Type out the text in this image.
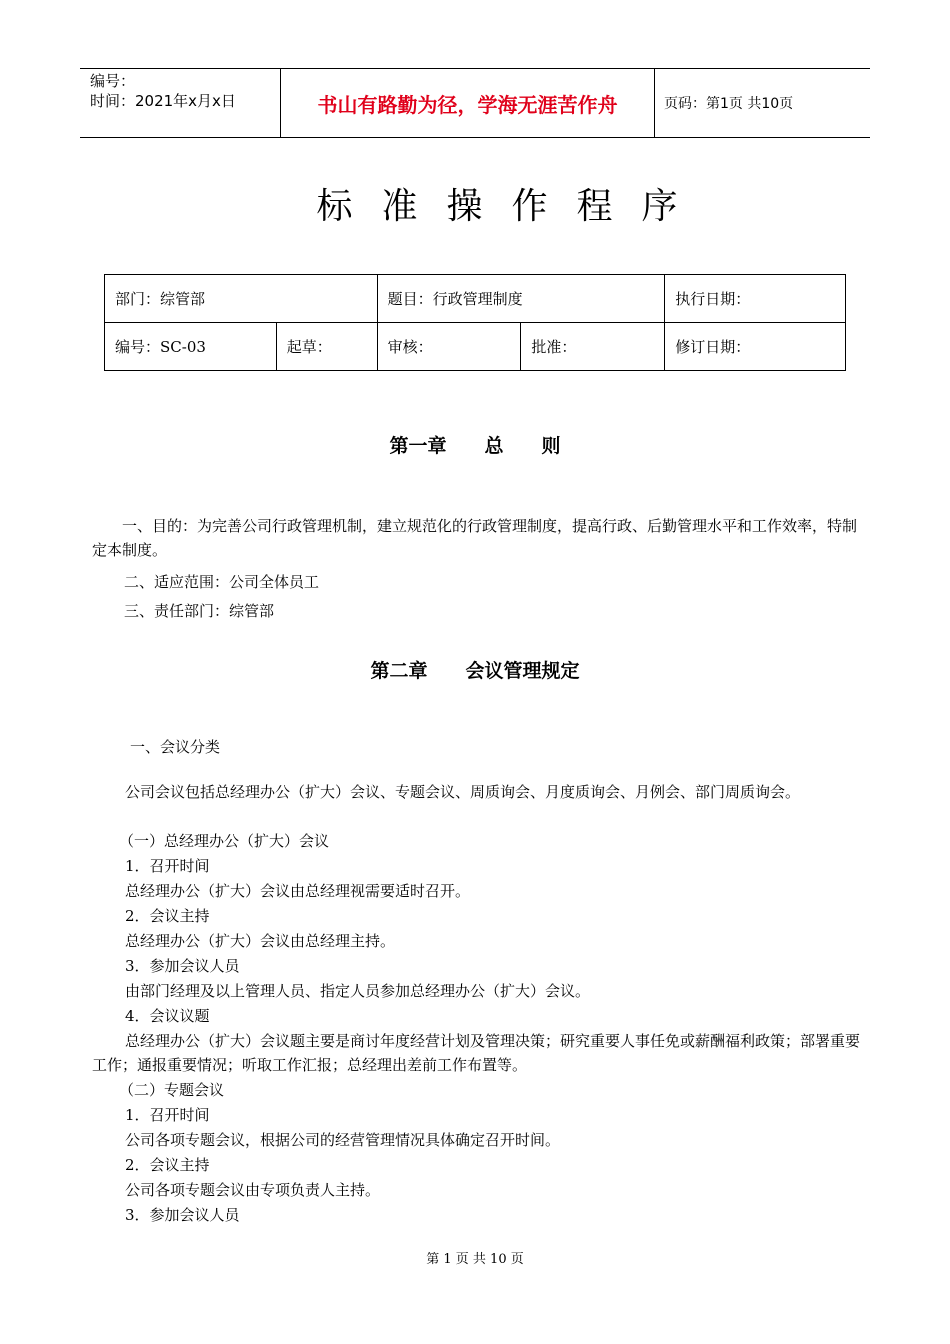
编号：
时间：2021年x月x日	书山有路勤为径，学海无涯苦作舟	页码：第1页 共10页
标准操作程序
部门：综管部		题目：行政管理制度		执行日期：
编号：SC-03	起草：	审核：	批准：	修订日期：
第一章　　总　　则
一、目的：为完善公司行政管理机制，建立规范化的行政管理制度，提高行政、后勤管理水平和工作效率，特制定本制度。
二、适应范围：公司全体员工
三、责任部门：综管部
第二章　　会议管理规定
一、会议分类
公司会议包括总经理办公（扩大）会议、专题会议、周质询会、月度质询会、月例会、部门周质询会。
（一）总经理办公（扩大）会议
1．召开时间
总经理办公（扩大）会议由总经理视需要适时召开。
2．会议主持
总经理办公（扩大）会议由总经理主持。
3．参加会议人员
由部门经理及以上管理人员、指定人员参加总经理办公（扩大）会议。
4．会议议题
总经理办公（扩大）会议题主要是商讨年度经营计划及管理决策；研究重要人事任免或薪酬福利政策；部署重要工作；通报重要情况；听取工作汇报；总经理出差前工作布置等。
（二）专题会议
1．召开时间
公司各项专题会议，根据公司的经营管理情况具体确定召开时间。
2．会议主持
公司各项专题会议由专项负责人主持。
3．参加会议人员
第 1 页 共 10 页
